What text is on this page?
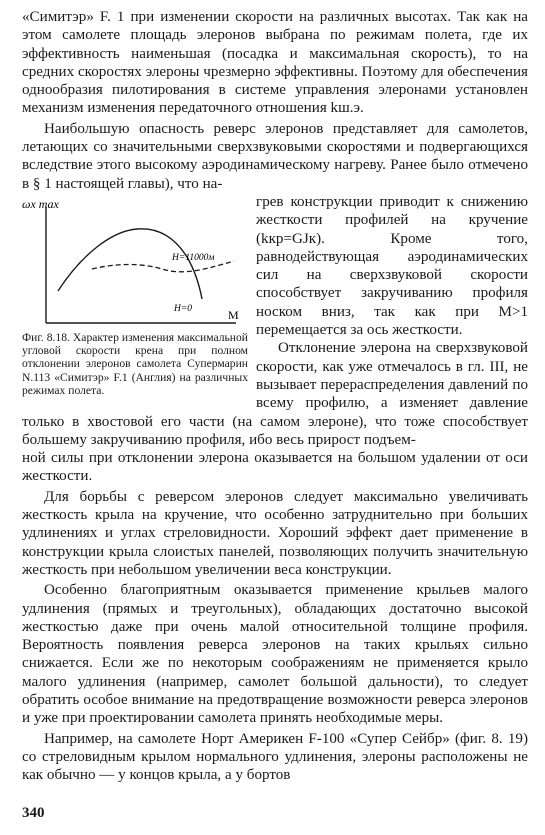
«Симитэр» F. 1 при изменении скорости на различных высотах. Так как на этом самолете площадь элеронов выбрана по режимам полета, где их эффективность наименьшая (посадка и максимальная скорость), то на средних скоростях элероны чрезмерно эффективны. Поэтому для обеспечения однообразия пилотирования в системе управления элеронами установлен механизм изменения передаточного отношения kш.э.

Наибольшую опасность реверс элеронов представляет для самолетов, летающих со значительными сверхзвуковыми скоростями и подвергающихся вследствие этого высокому аэродинамическому нагреву. Ранее было отмечено в § 1 настоящей главы), что на-

ωx max
M
H=11000м
H=0
Фиг. 8.18. Характер изменения максимальной угловой скорости крена при полном отклонении элеронов самолета Супермарин N.113 «Симитэр» F.1 (Англия) на различных режимах полета.

грев конструкции приводит к снижению жесткости профилей на кручение (kкр=GJк). Кроме того, равнодействующая аэродинамических сил на сверхзвуковой скорости способствует закручиванию профиля носком вниз, так как при M>1 перемещается за ось жесткости.

Отклонение элерона на сверхзвуковой скорости, как уже отмечалось в гл. III, не вызывает перераспределения давлений по всему профилю, а изменяет давление только в хвостовой его части (на самом элероне), что тоже способствует большему закручиванию профиля, ибо весь прирост подъем-

ной силы при отклонении элерона оказывается на большом удалении от оси жесткости.

Для борьбы с реверсом элеронов следует максимально увеличивать жесткость крыла на кручение, что особенно затруднительно при больших удлинениях и углах стреловидности. Хороший эффект дает применение в конструкции крыла слоистых панелей, позволяющих получить значительную жесткость при небольшом увеличении веса конструкции.

Особенно благоприятным оказывается применение крыльев малого удлинения (прямых и треугольных), обладающих достаточно высокой жесткостью даже при очень малой относительной толщине профиля. Вероятность появления реверса элеронов на таких крыльях сильно снижается. Если же по некоторым соображениям не применяется крыло малого удлинения (например, самолет большой дальности), то следует обратить особое внимание на предотвращение возможности реверса элеронов и уже при проектировании самолета принять необходимые меры.

Например, на самолете Норт Америкен F-100 «Супер Сейбр» (фиг. 8. 19) со стреловидным крылом нормального удлинения, элероны расположены не как обычно — у концов крыла, а у бортов

340
